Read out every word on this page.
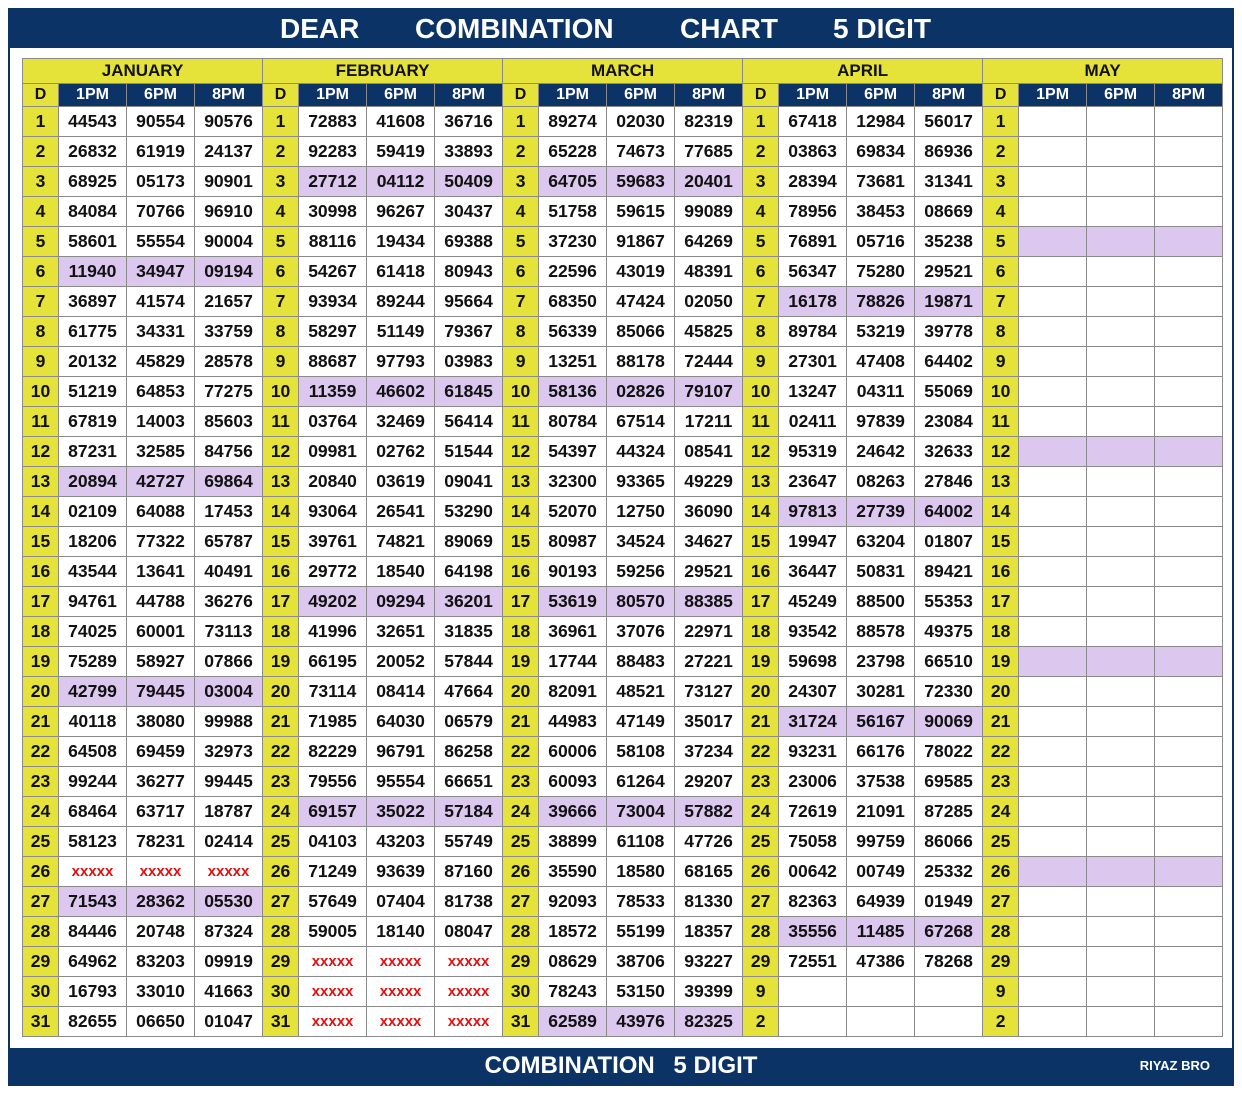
DEAR COMBINATION CHART 5 DIGIT
COMBINATION 5 DIGIT	RIYAZ BRO
JANUARY				FEBRUARY				MARCH				APRIL				MAY			
D	1PM	6PM	8PM	D	1PM	6PM	8PM	D	1PM	6PM	8PM	D	1PM	6PM	8PM	D	1PM	6PM	8PM
1	44543	90554	90576	1	72883	41608	36716	1	89274	02030	82319	1	67418	12984	56017	1			
2	26832	61919	24137	2	92283	59419	33893	2	65228	74673	77685	2	03863	69834	86936	2			
3	68925	05173	90901	3	27712	04112	50409	3	64705	59683	20401	3	28394	73681	31341	3			
4	84084	70766	96910	4	30998	96267	30437	4	51758	59615	99089	4	78956	38453	08669	4			
5	58601	55554	90004	5	88116	19434	69388	5	37230	91867	64269	5	76891	05716	35238	5			
6	11940	34947	09194	6	54267	61418	80943	6	22596	43019	48391	6	56347	75280	29521	6			
7	36897	41574	21657	7	93934	89244	95664	7	68350	47424	02050	7	16178	78826	19871	7			
8	61775	34331	33759	8	58297	51149	79367	8	56339	85066	45825	8	89784	53219	39778	8			
9	20132	45829	28578	9	88687	97793	03983	9	13251	88178	72444	9	27301	47408	64402	9			
10	51219	64853	77275	10	11359	46602	61845	10	58136	02826	79107	10	13247	04311	55069	10			
11	67819	14003	85603	11	03764	32469	56414	11	80784	67514	17211	11	02411	97839	23084	11			
12	87231	32585	84756	12	09981	02762	51544	12	54397	44324	08541	12	95319	24642	32633	12			
13	20894	42727	69864	13	20840	03619	09041	13	32300	93365	49229	13	23647	08263	27846	13			
14	02109	64088	17453	14	93064	26541	53290	14	52070	12750	36090	14	97813	27739	64002	14			
15	18206	77322	65787	15	39761	74821	89069	15	80987	34524	34627	15	19947	63204	01807	15			
16	43544	13641	40491	16	29772	18540	64198	16	90193	59256	29521	16	36447	50831	89421	16			
17	94761	44788	36276	17	49202	09294	36201	17	53619	80570	88385	17	45249	88500	55353	17			
18	74025	60001	73113	18	41996	32651	31835	18	36961	37076	22971	18	93542	88578	49375	18			
19	75289	58927	07866	19	66195	20052	57844	19	17744	88483	27221	19	59698	23798	66510	19			
20	42799	79445	03004	20	73114	08414	47664	20	82091	48521	73127	20	24307	30281	72330	20			
21	40118	38080	99988	21	71985	64030	06579	21	44983	47149	35017	21	31724	56167	90069	21			
22	64508	69459	32973	22	82229	96791	86258	22	60006	58108	37234	22	93231	66176	78022	22			
23	99244	36277	99445	23	79556	95554	66651	23	60093	61264	29207	23	23006	37538	69585	23			
24	68464	63717	18787	24	69157	35022	57184	24	39666	73004	57882	24	72619	21091	87285	24			
25	58123	78231	02414	25	04103	43203	55749	25	38899	61108	47726	25	75058	99759	86066	25			
26	xxxxx	xxxxx	xxxxx	26	71249	93639	87160	26	35590	18580	68165	26	00642	00749	25332	26			
27	71543	28362	05530	27	57649	07404	81738	27	92093	78533	81330	27	82363	64939	01949	27			
28	84446	20748	87324	28	59005	18140	08047	28	18572	55199	18357	28	35556	11485	67268	28			
29	64962	83203	09919	29	xxxxx	xxxxx	xxxxx	29	08629	38706	93227	29	72551	47386	78268	29			
30	16793	33010	41663	30	xxxxx	xxxxx	xxxxx	30	78243	53150	39399	9				9			
31	82655	06650	01047	31	xxxxx	xxxxx	xxxxx	31	62589	43976	82325	2				2			
